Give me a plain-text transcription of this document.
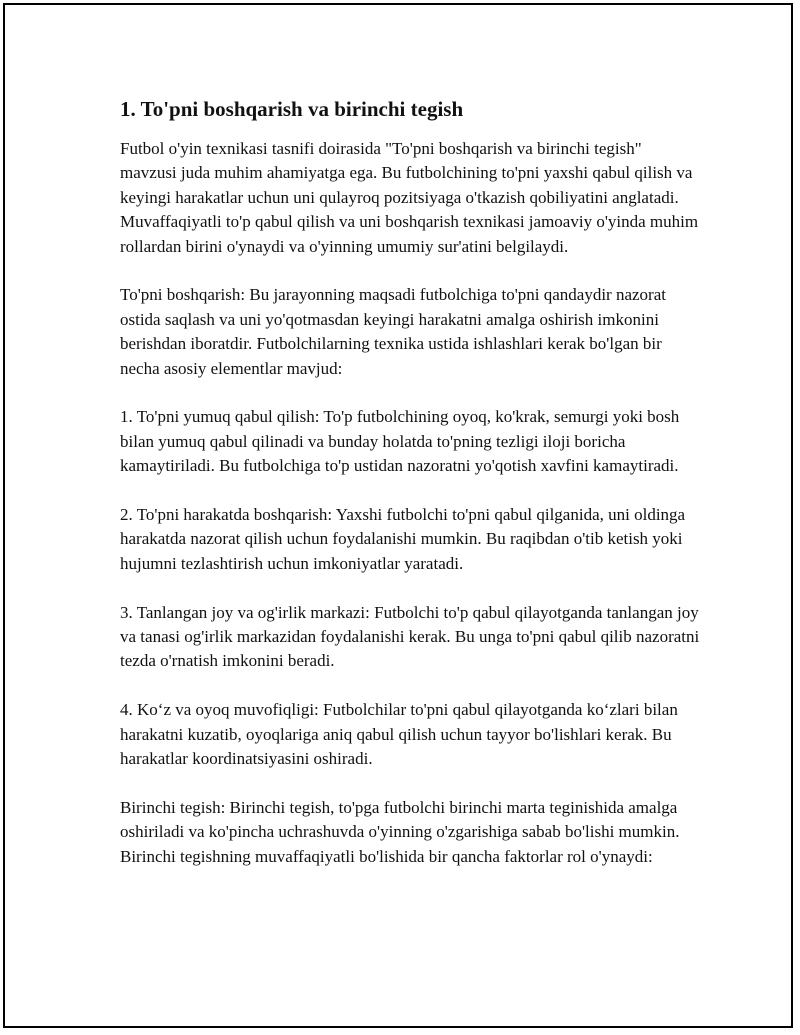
1. To'pni boshqarish va birinchi tegish

Futbol o'yin texnikasi tasnifi doirasida "To'pni boshqarish va birinchi tegish" mavzusi juda muhim ahamiyatga ega. Bu futbolchining to'pni yaxshi qabul qilish va keyingi harakatlar uchun uni qulayroq pozitsiyaga o'tkazish qobiliyatini anglatadi. Muvaffaqiyatli to'p qabul qilish va uni boshqarish texnikasi jamoaviy o'yinda muhim rollardan birini o'ynaydi va o'yinning umumiy sur'atini belgilaydi.

To'pni boshqarish: Bu jarayonning maqsadi futbolchiga to'pni qandaydir nazorat ostida saqlash va uni yo'qotmasdan keyingi harakatni amalga oshirish imkonini berishdan iboratdir. Futbolchilarning texnika ustida ishlashlari kerak bo'lgan bir necha asosiy elementlar mavjud:

1. To'pni yumuq qabul qilish: To'p futbolchining oyoq, ko'krak, semurgi yoki bosh bilan yumuq qabul qilinadi va bunday holatda to'pning tezligi iloji boricha kamaytiriladi. Bu futbolchiga to'p ustidan nazoratni yo'qotish xavfini kamaytiradi.

2. To'pni harakatda boshqarish: Yaxshi futbolchi to'pni qabul qilganida, uni oldinga harakatda nazorat qilish uchun foydalanishi mumkin. Bu raqibdan o'tib ketish yoki hujumni tezlashtirish uchun imkoniyatlar yaratadi.

3. Tanlangan joy va og'irlik markazi: Futbolchi to'p qabul qilayotganda tanlangan joy va tanasi og'irlik markazidan foydalanishi kerak. Bu unga to'pni qabul qilib nazoratni tezda o'rnatish imkonini beradi.

4. Ko‘z va oyoq muvofiqligi: Futbolchilar to'pni qabul qilayotganda ko‘zlari bilan harakatni kuzatib, oyoqlariga aniq qabul qilish uchun tayyor bo'lishlari kerak. Bu harakatlar koordinatsiyasini oshiradi.

Birinchi tegish: Birinchi tegish, to'pga futbolchi birinchi marta teginishida amalga oshiriladi va ko'pincha uchrashuvda o'yinning o'zgarishiga sabab bo'lishi mumkin. Birinchi tegishning muvaffaqiyatli bo'lishida bir qancha faktorlar rol o'ynaydi:
